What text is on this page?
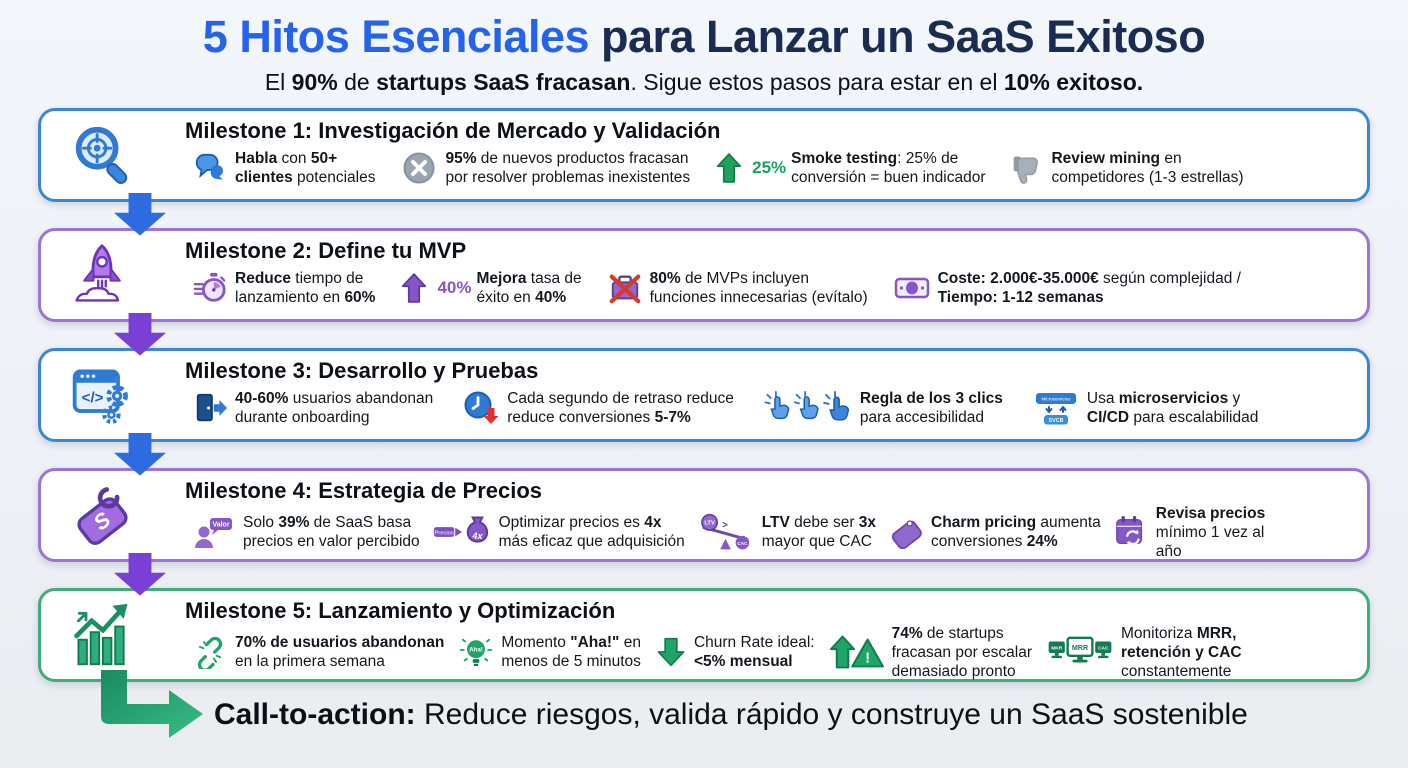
5 Hitos Esenciales para Lanzar un SaaS Exitoso

El 90% de startups SaaS fracasan. Sigue estos pasos para estar en el 10% exitoso.

Milestone 1: Investigación de Mercado y Validación

Habla con 50+
clientes potenciales

95% de nuevos productos fracasan
por resolver problemas inexistentes

25% Smoke testing: 25% de
conversión = buen indicador

Review mining en
competidores (1-3 estrellas)

Milestone 2: Define tu MVP

Reduce tiempo de
lanzamiento en 60%

40% Mejora tasa de
éxito en 40%

80% de MVPs incluyen
funciones innecesarias (evítalo)

Coste: 2.000€-35.000€ según complejidad /
Tiempo: 1-12 semanas

</>
Milestone 3: Desarrollo y Pruebas

40-60% usuarios abandonan
durante onboarding

Cada segundo de retraso reduce
reduce conversiones 5-7%

Regla de los 3 clics
para accesibilidad

Microservicios
SVCB

Usa microservicios y
CI/CD para escalabilidad

S
Milestone 4: Estrategia de Precios
Valor Solo 39% de SaaS basa
precios en valor percibido Precios 4x

Optimizar precios es 4x
más eficaz que adquisición

LTV >
CAC

LTV debe ser 3x
mayor que CAC

Charm pricing aumenta
conversiones 24%

Revisa precios
mínimo 1 vez al
año

Milestone 5: Lanzamiento y Optimización

70% de usuarios abandonan
en la primera semana

Aha! Momento "Aha!" en
menos de 5 minutos

Churn Rate ideal:
<5% mensual	!

74% de startups
fracasan por escalar
demasiado pronto

MKR	CAC
MRR

Monitoriza MRR,
retención y CAC
constantemente

Call-to-action: Reduce riesgos, valida rápido y construye un SaaS sostenible
